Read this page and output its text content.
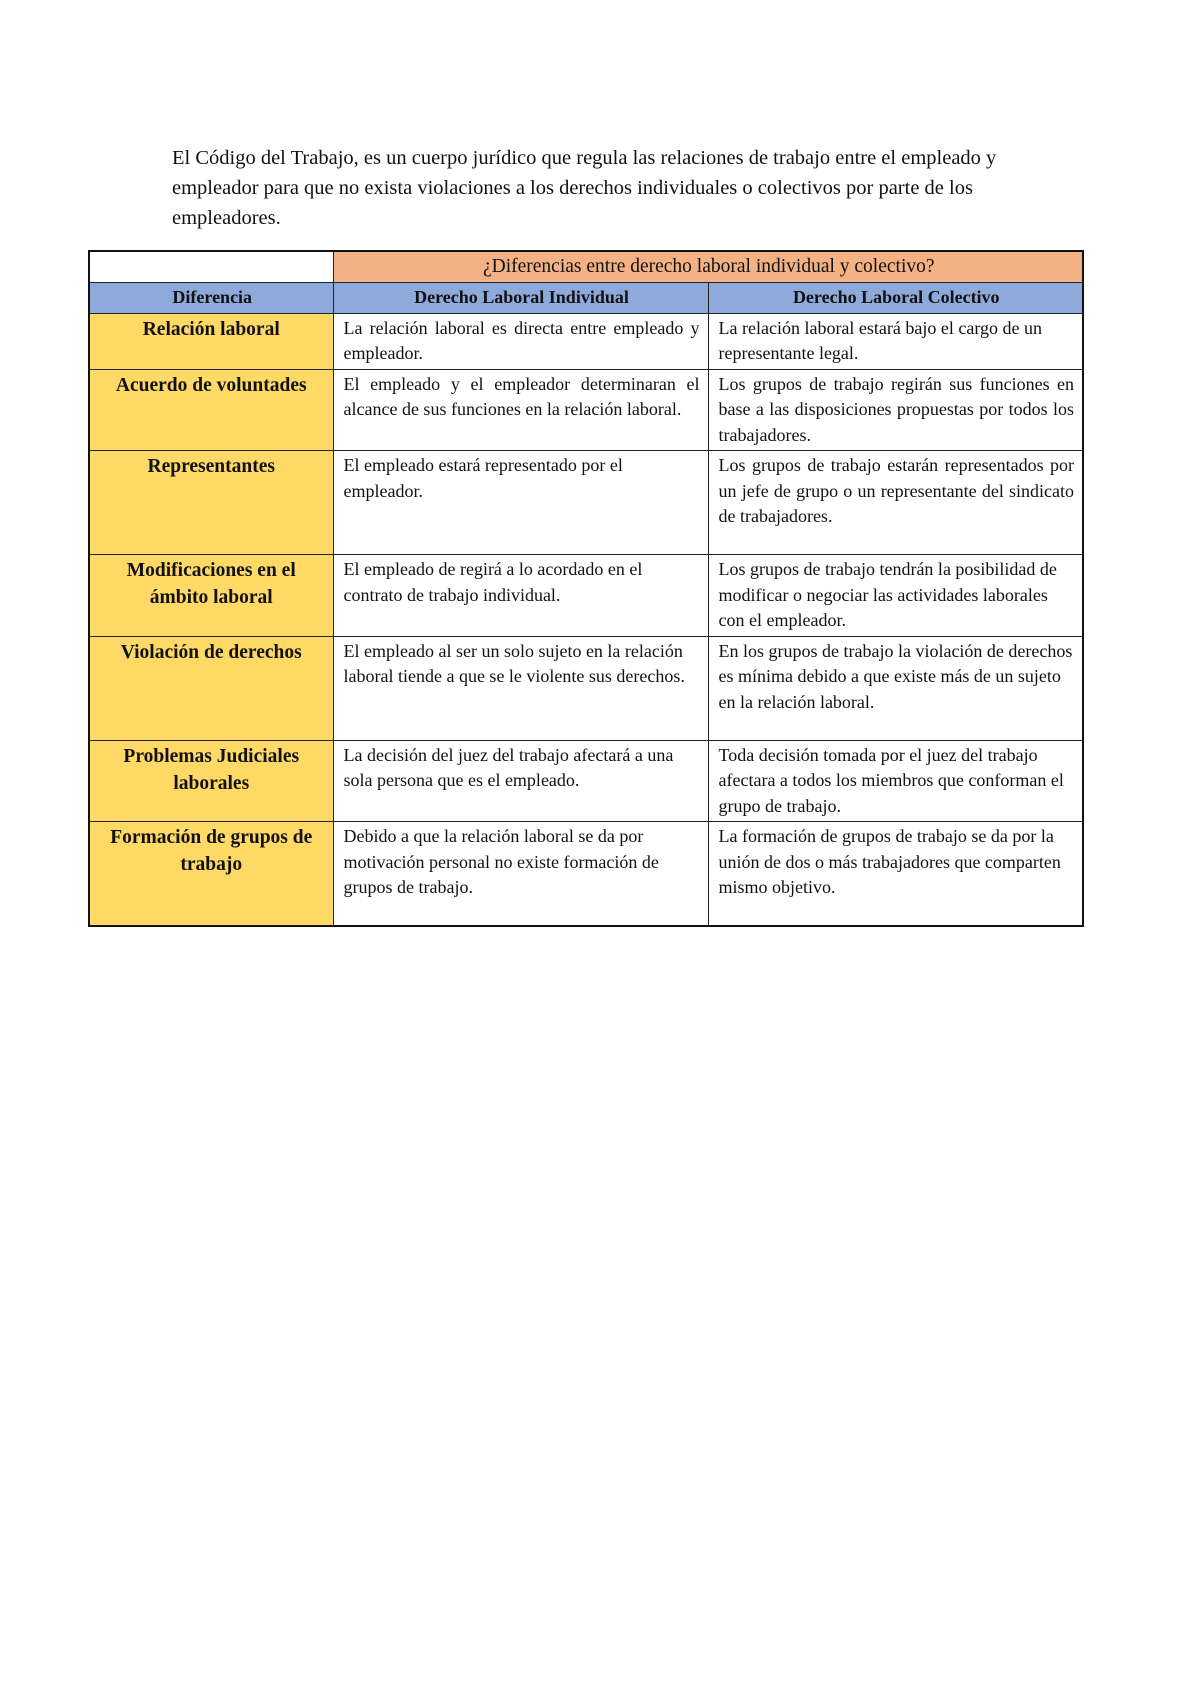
El Código del Trabajo, es un cuerpo jurídico que regula las relaciones de trabajo entre el empleado y empleador para que no exista violaciones a los derechos individuales o colectivos por parte de los empleadores.

	¿Diferencias entre derecho laboral individual y colectivo?	
Diferencia	Derecho Laboral Individual	Derecho Laboral Colectivo
Relación laboral	La relación laboral es directa entre empleado y empleador.	La relación laboral estará bajo el cargo de un representante legal.
Acuerdo de voluntades	El empleado y el empleador determinaran el alcance de sus funciones en la relación laboral.	Los grupos de trabajo regirán sus funciones en base a las disposiciones propuestas por todos los trabajadores.
Representantes	El empleado estará representado por el empleador.	Los grupos de trabajo estarán representados por un jefe de grupo o un representante del sindicato de trabajadores.
Modificaciones en el ámbito laboral	El empleado de regirá a lo acordado en el contrato de trabajo individual.	Los grupos de trabajo tendrán la posibilidad de modificar o negociar las actividades laborales con el empleador.
Violación de derechos	El empleado al ser un solo sujeto en la relación laboral tiende a que se le violente sus derechos.	En los grupos de trabajo la violación de derechos es mínima debido a que existe más de un sujeto en la relación laboral.
Problemas Judiciales laborales	La decisión del juez del trabajo afectará a una sola persona que es el empleado.	Toda decisión tomada por el juez del trabajo afectara a todos los miembros que conforman el grupo de trabajo.
Formación de grupos de trabajo	Debido a que la relación laboral se da por motivación personal no existe formación de grupos de trabajo.	La formación de grupos de trabajo se da por la unión de dos o más trabajadores que comparten mismo objetivo.
